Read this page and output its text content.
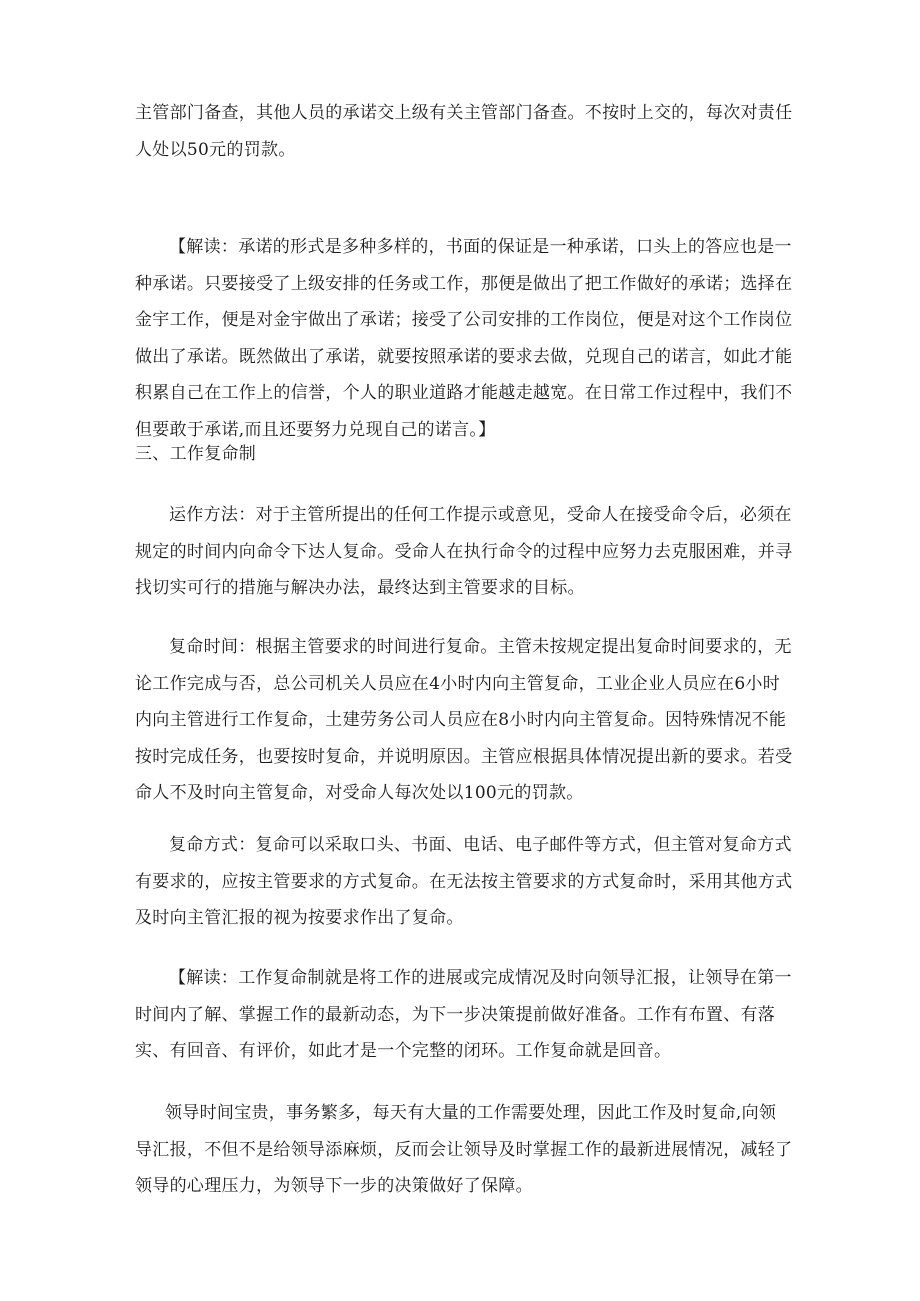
主管部门备查，其他人员的承诺交上级有关主管部门备查。不按时上交的，每次对责任人处以50元的罚款。

【解读：承诺的形式是多种多样的，书面的保证是一种承诺，口头上的答应也是一种承诺。只要接受了上级安排的任务或工作，那便是做出了把工作做好的承诺；选择在金宇工作，便是对金宇做出了承诺；接受了公司安排的工作岗位，便是对这个工作岗位做出了承诺。既然做出了承诺，就要按照承诺的要求去做，兑现自己的诺言，如此才能积累自己在工作上的信誉，个人的职业道路才能越走越宽。在日常工作过程中，我们不但要敢于承诺,而且还要努力兑现自己的诺言。】

三、工作复命制

运作方法：对于主管所提出的任何工作提示或意见，受命人在接受命令后，必须在规定的时间内向命令下达人复命。受命人在执行命令的过程中应努力去克服困难，并寻找切实可行的措施与解决办法，最终达到主管要求的目标。

复命时间：根据主管要求的时间进行复命。主管未按规定提出复命时间要求的，无论工作完成与否，总公司机关人员应在4小时内向主管复命，工业企业人员应在6小时内向主管进行工作复命，土建劳务公司人员应在8小时内向主管复命。因特殊情况不能按时完成任务，也要按时复命，并说明原因。主管应根据具体情况提出新的要求。若受命人不及时向主管复命，对受命人每次处以100元的罚款。

复命方式：复命可以采取口头、书面、电话、电子邮件等方式，但主管对复命方式有要求的，应按主管要求的方式复命。在无法按主管要求的方式复命时，采用其他方式及时向主管汇报的视为按要求作出了复命。

【解读：工作复命制就是将工作的进展或完成情况及时向领导汇报，让领导在第一时间内了解、掌握工作的最新动态，为下一步决策提前做好准备。工作有布置、有落实、有回音、有评价，如此才是一个完整的闭环。工作复命就是回音。

领导时间宝贵，事务繁多，每天有大量的工作需要处理，因此工作及时复命,向领导汇报，不但不是给领导添麻烦，反而会让领导及时掌握工作的最新进展情况，减轻了领导的心理压力，为领导下一步的决策做好了保障。
